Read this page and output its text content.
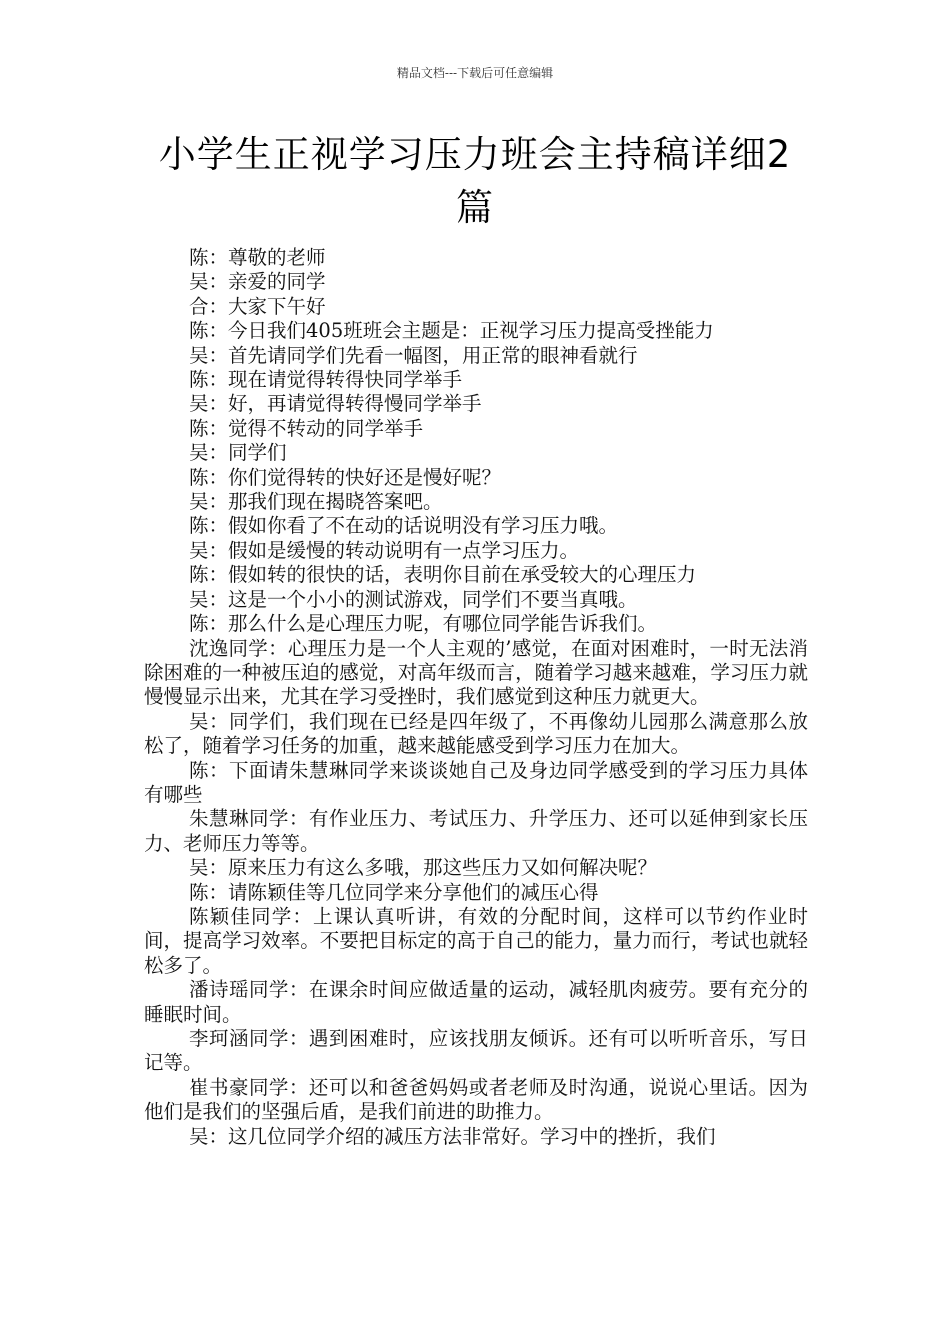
精品文档---下载后可任意编辑
小学生正视学习压力班会主持稿详细2篇

陈：尊敬的老师

吴：亲爱的同学

合：大家下午好

陈：今日我们405班班会主题是：正视学习压力提高受挫能力

吴：首先请同学们先看一幅图，用正常的眼神看就行

陈：现在请觉得转得快同学举手

吴：好，再请觉得转得慢同学举手

陈：觉得不转动的同学举手

吴：同学们

陈：你们觉得转的快好还是慢好呢？

吴：那我们现在揭晓答案吧。

陈：假如你看了不在动的话说明没有学习压力哦。

吴：假如是缓慢的转动说明有一点学习压力。

陈：假如转的很快的话，表明你目前在承受较大的心理压力

吴：这是一个小小的测试游戏，同学们不要当真哦。

陈：那么什么是心理压力呢，有哪位同学能告诉我们。

沈逸同学：心理压力是一个人主观的’感觉，在面对困难时，一时无法消除困难的一种被压迫的感觉，对高年级而言，随着学习越来越难，学习压力就慢慢显示出来，尤其在学习受挫时，我们感觉到这种压力就更大。

吴：同学们，我们现在已经是四年级了，不再像幼儿园那么满意那么放松了，随着学习任务的加重，越来越能感受到学习压力在加大。

陈：下面请朱慧琳同学来谈谈她自己及身边同学感受到的学习压力具体有哪些

朱慧琳同学：有作业压力、考试压力、升学压力、还可以延伸到家长压力、老师压力等等。

吴：原来压力有这么多哦，那这些压力又如何解决呢？

陈：请陈颖佳等几位同学来分享他们的减压心得

陈颖佳同学：上课认真听讲，有效的分配时间，这样可以节约作业时间，提高学习效率。不要把目标定的高于自己的能力，量力而行，考试也就轻松多了。

潘诗瑶同学：在课余时间应做适量的运动，减轻肌肉疲劳。要有充分的睡眠时间。

李珂涵同学：遇到困难时，应该找朋友倾诉。还有可以听听音乐，写日记等。

崔书豪同学：还可以和爸爸妈妈或者老师及时沟通，说说心里话。因为他们是我们的坚强后盾，是我们前进的助推力。

吴：这几位同学介绍的减压方法非常好。学习中的挫折，我们
